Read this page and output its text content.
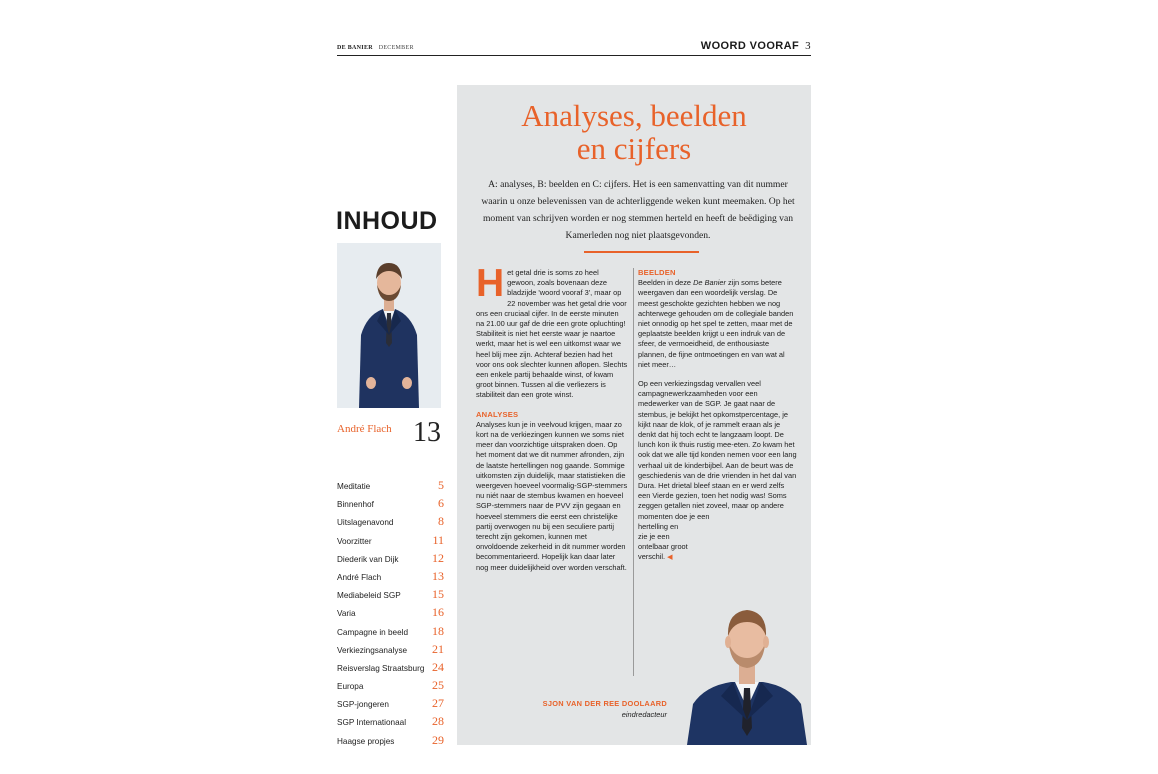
DE BANIER DECEMBER	WOORD VOORAF 3
INHOUD
André Flach 13
Meditatie	5
Binnenhof	6
Uitslagenavond	8
Voorzitter	11
Diederik van Dijk	12
André Flach	13
Mediabeleid SGP	15
Varia	16
Campagne in beeld 18
Verkiezingsanalyse 21
Reisverslag Straatsburg 24
Europa	25
SGP-jongeren	27
SGP Internationaal 28
Haagse propjes	29
Analyses, beelden
en cijfers
A: analyses, B: beelden en C: cijfers. Het is een samenvatting van dit nummer waarin u onze belevenissen van de achterliggende weken kunt meemaken. Op het moment van schrijven worden er nog stemmen herteld en heeft de beëdiging van Kamerleden nog niet plaatsgevonden.

Het getal drie is soms zo heel gewoon, zoals bovenaan deze bladzijde 'woord vooraf 3', maar op 22 november was het getal drie voor ons een cruciaal cijfer. In de eerste minuten na 21.00 uur gaf de drie een grote opluchting! Stabiliteit is niet het eerste waar je naartoe werkt, maar het is wel een uitkomst waar we heel blij mee zijn. Achteraf bezien had het voor ons ook slechter kunnen aflopen. Slechts een enkele partij behaalde winst, of kwam groot binnen. Tussen al die verliezers is stabiliteit dan een grote winst.

ANALYSES

Analyses kun je in veelvoud krijgen, maar zo kort na de verkiezingen kunnen we soms niet meer dan voorzichtige uitspraken doen. Op het moment dat we dit nummer afronden, zijn de laatste hertellingen nog gaande. Sommige uitkomsten zijn duidelijk, maar statistieken die weergeven hoeveel voormalig-SGP-stemmers nu niét naar de stembus kwamen en hoeveel SGP-stemmers naar de PVV zijn gegaan en hoeveel stemmers die eerst een christelijke partij overwogen nu bij een seculiere partij terecht zijn gekomen, kunnen met onvoldoende zekerheid in dit nummer worden becommentarieerd. Hopelijk kan daar later nog meer duidelijkheid over worden verschaft.

BEELDEN

Beelden in deze De Banier zijn soms betere weergaven dan een woordelijk verslag. De meest geschokte gezichten hebben we nog achterwege gehouden om de collegiale banden niet onnodig op het spel te zetten, maar met de geplaatste beelden krijgt u een indruk van de sfeer, de vermoeidheid, de enthousiaste plannen, de fijne ontmoetingen en van wat al niet meer…

Op een verkiezingsdag vervallen veel campagnewerkzaamheden voor een medewerker van de SGP. Je gaat naar de stembus, je bekijkt het opkomstpercentage, je kijkt naar de klok, of je rammelt eraan als je denkt dat hij toch echt te langzaam loopt. De lunch kon ik thuis rustig mee-eten. Zo kwam het ook dat we alle tijd konden nemen voor een lang verhaal uit de kinderbijbel. Aan de beurt was de geschiedenis van de drie vrienden in het dal van Dura. Het drietal bleef staan en er werd zelfs een Vierde gezien, toen het nodig was! Soms zeggen getallen niet zoveel, maar op andere momenten doe je een
hertelling en
zie je een
ontelbaar groot
verschil. ◀

SJON VAN DER REE DOOLAARD
eindredacteur
